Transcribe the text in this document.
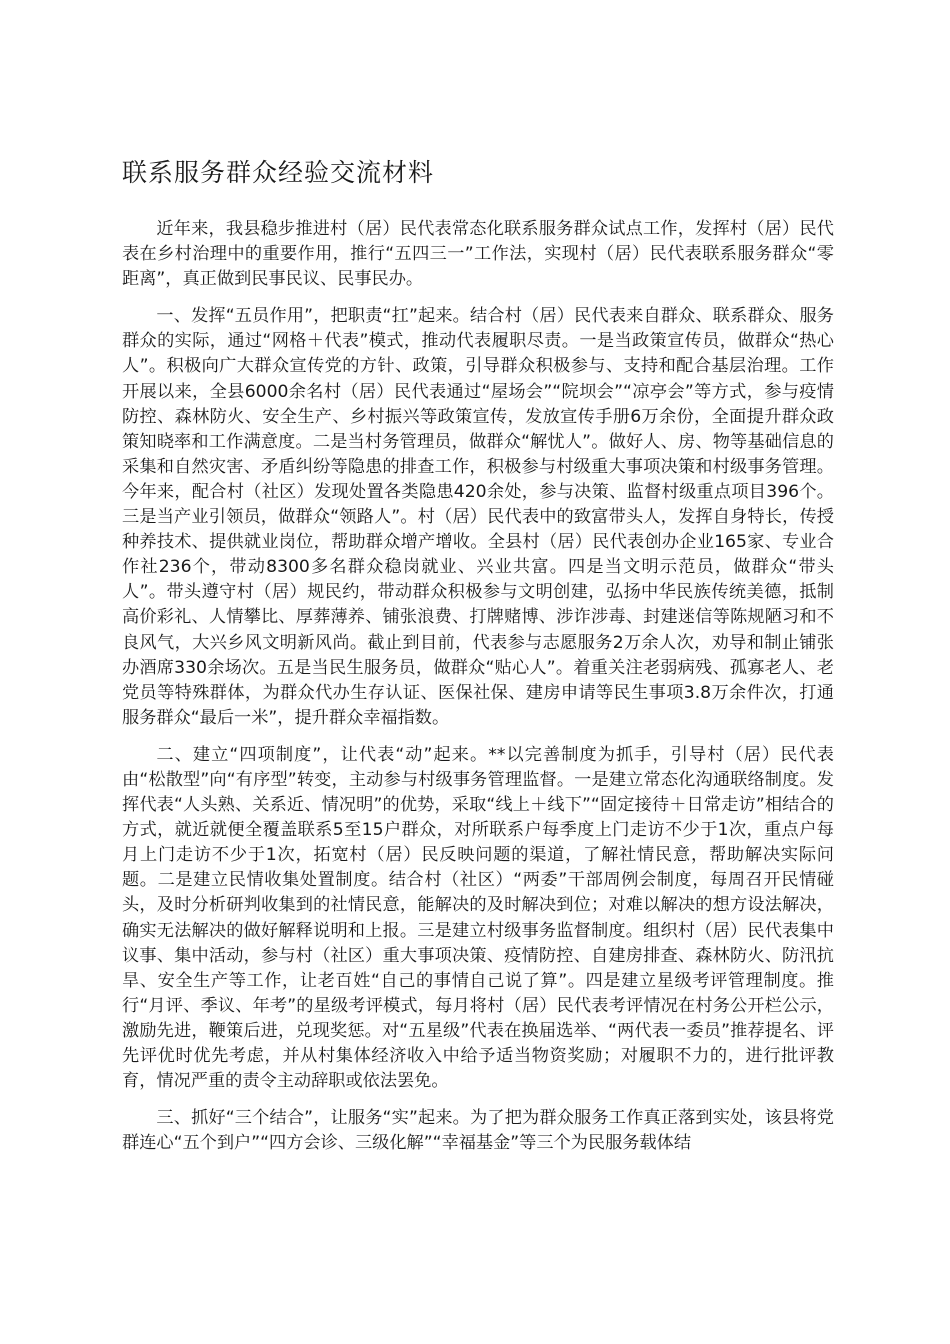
联系服务群众经验交流材料

近年来，我县稳步推进村（居）民代表常态化联系服务群众试点工作，发挥村（居）民代表在乡村治理中的重要作用，推行“五四三一”工作法，实现村（居）民代表联系服务群众“零距离”，真正做到民事民议、民事民办。

一、发挥“五员作用”，把职责“扛”起来。结合村（居）民代表来自群众、联系群众、服务群众的实际，通过“网格＋代表”模式，推动代表履职尽责。一是当政策宣传员，做群众“热心人”。积极向广大群众宣传党的方针、政策，引导群众积极参与、支持和配合基层治理。工作开展以来，全县6000余名村（居）民代表通过“屋场会”“院坝会”“凉亭会”等方式，参与疫情防控、森林防火、安全生产、乡村振兴等政策宣传，发放宣传手册6万余份，全面提升群众政策知晓率和工作满意度。二是当村务管理员，做群众“解忧人”。做好人、房、物等基础信息的采集和自然灾害、矛盾纠纷等隐患的排查工作，积极参与村级重大事项决策和村级事务管理。今年来，配合村（社区）发现处置各类隐患420余处，参与决策、监督村级重点项目396个。三是当产业引领员，做群众“领路人”。村（居）民代表中的致富带头人，发挥自身特长，传授种养技术、提供就业岗位，帮助群众增产增收。全县村（居）民代表创办企业165家、专业合作社236个，带动8300多名群众稳岗就业、兴业共富。四是当文明示范员，做群众“带头人”。带头遵守村（居）规民约，带动群众积极参与文明创建，弘扬中华民族传统美德，抵制高价彩礼、人情攀比、厚葬薄养、铺张浪费、打牌赌博、涉诈涉毒、封建迷信等陈规陋习和不良风气，大兴乡风文明新风尚。截止到目前，代表参与志愿服务2万余人次，劝导和制止铺张办酒席330余场次。五是当民生服务员，做群众“贴心人”。着重关注老弱病残、孤寡老人、老党员等特殊群体，为群众代办生存认证、医保社保、建房申请等民生事项3.8万余件次，打通服务群众“最后一米”，提升群众幸福指数。

二、建立“四项制度”，让代表“动”起来。**以完善制度为抓手，引导村（居）民代表由“松散型”向“有序型”转变，主动参与村级事务管理监督。一是建立常态化沟通联络制度。发挥代表“人头熟、关系近、情况明”的优势，采取“线上＋线下”“固定接待＋日常走访”相结合的方式，就近就便全覆盖联系5至15户群众，对所联系户每季度上门走访不少于1次，重点户每月上门走访不少于1次，拓宽村（居）民反映问题的渠道，了解社情民意，帮助解决实际问题。二是建立民情收集处置制度。结合村（社区）“两委”干部周例会制度，每周召开民情碰头，及时分析研判收集到的社情民意，能解决的及时解决到位；对难以解决的想方设法解决，确实无法解决的做好解释说明和上报。三是建立村级事务监督制度。组织村（居）民代表集中议事、集中活动，参与村（社区）重大事项决策、疫情防控、自建房排查、森林防火、防汛抗旱、安全生产等工作，让老百姓“自己的事情自己说了算”。四是建立星级考评管理制度。推行“月评、季议、年考”的星级考评模式，每月将村（居）民代表考评情况在村务公开栏公示，激励先进，鞭策后进，兑现奖惩。对“五星级”代表在换届选举、“两代表一委员”推荐提名、评先评优时优先考虑，并从村集体经济收入中给予适当物资奖励；对履职不力的，进行批评教育，情况严重的责令主动辞职或依法罢免。

三、抓好“三个结合”，让服务“实”起来。为了把为群众服务工作真正落到实处，该县将党群连心“五个到户”“四方会诊、三级化解”“幸福基金”等三个为民服务载体结
